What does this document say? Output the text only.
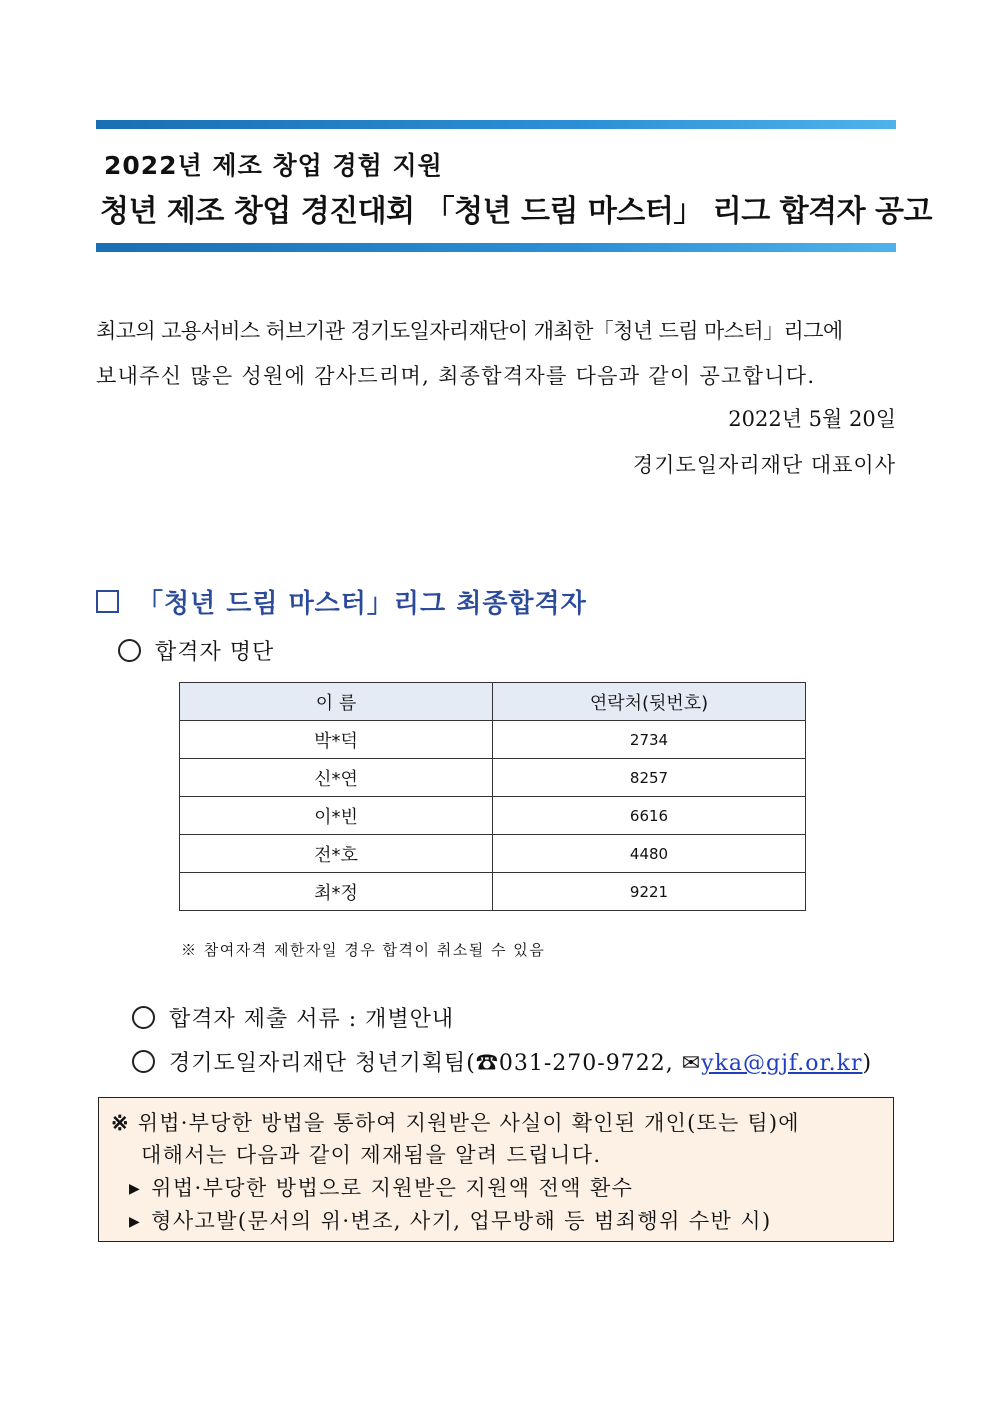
2022년 제조 창업 경험 지원
청년 제조 창업 경진대회 「청년 드림 마스터」 리그 합격자 공고
최고의 고용서비스 허브기관 경기도일자리재단이 개최한「청년 드림 마스터」리그에
보내주신 많은 성원에 감사드리며, 최종합격자를 다음과 같이 공고합니다.
2022년 5월 20일
경기도일자리재단 대표이사
「청년 드림 마스터」리그 최종합격자
합격자 명단
이 름	연락처(뒷번호)
박*덕	2734
신*연	8257
이*빈	6616
전*호	4480
최*정	9221
※ 참여자격 제한자일 경우 합격이 취소될 수 있음
합격자 제출 서류 : 개별안내
경기도일자리재단 청년기획팀(☎031-270-9722, ✉yka@gjf.or.kr)
※ 위법·부당한 방법을 통하여 지원받은 사실이 확인된 개인(또는 팀)에
대해서는 다음과 같이 제재됨을 알려 드립니다.
▶ 위법·부당한 방법으로 지원받은 지원액 전액 환수
▶ 형사고발(문서의 위·변조, 사기, 업무방해 등 범죄행위 수반 시)
